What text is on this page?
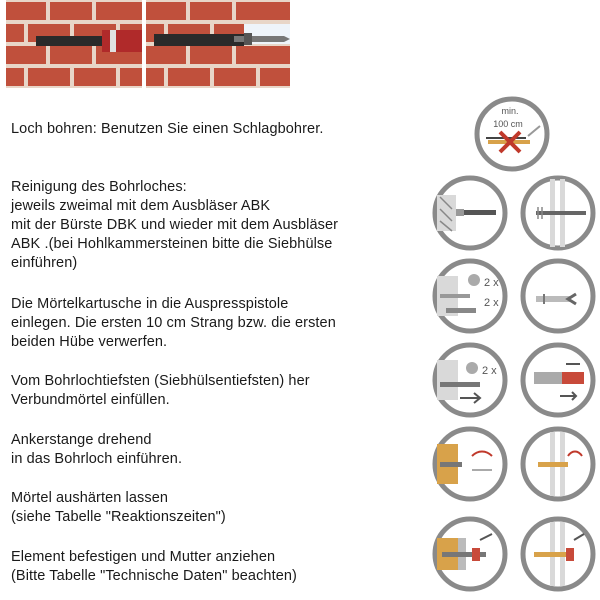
Loch bohren: Benutzen Sie einen Schlagbohrer.
Reinigung des Bohrloches:
jeweils zweimal mit dem Ausbläser ABK
mit der Bürste DBK und wieder mit dem Ausbläser
ABK .(bei Hohlkammersteinen bitte die Siebhülse
einführen)
Die Mörtelkartusche in die Auspresspistole
einlegen. Die ersten 10 cm Strang bzw. die ersten
beiden Hübe verwerfen.
Vom Bohrlochtiefsten (Siebhülsentiefsten) her
Verbundmörtel einfüllen.
Ankerstange drehend
in das Bohrloch einführen.
Mörtel aushärten lassen
(siehe Tabelle "Reaktionszeiten")
Element befestigen und Mutter anziehen
(Bitte Tabelle "Technische Daten" beachten)
min.
100 cm
2 x
2 x
2 x
